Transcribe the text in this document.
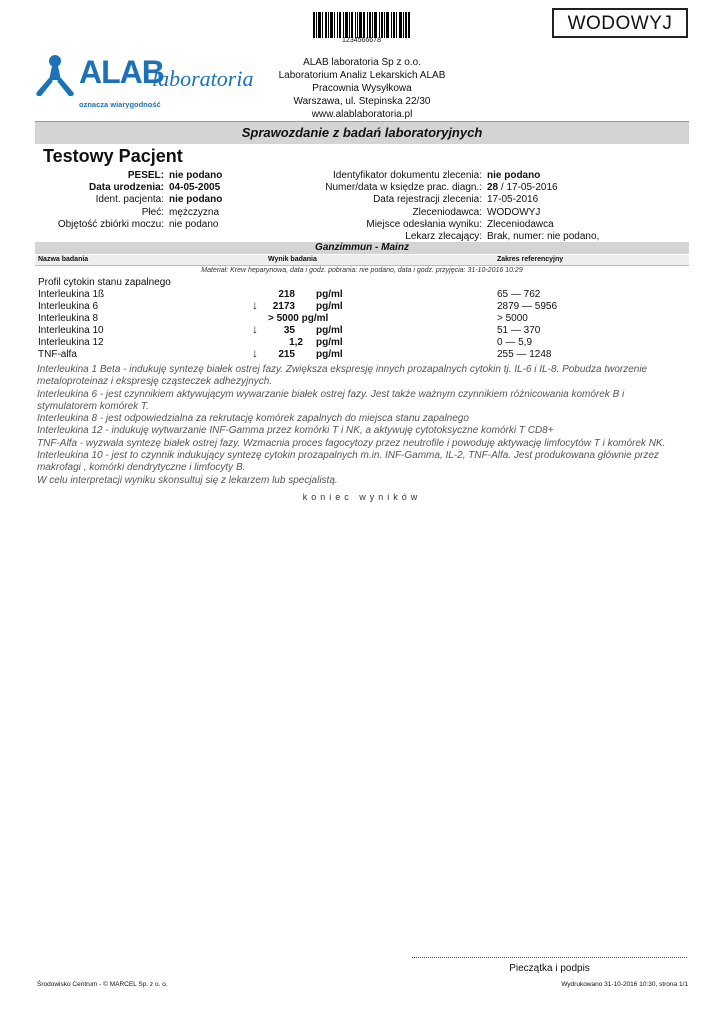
1234566678
WODOWYJ
ALAB
laboratoria
oznacza wiarygodność
ALAB laboratoria Sp z o.o.
Laboratorium Analiz Lekarskich ALAB
Pracownia Wysyłkowa
Warszawa, ul. Stepinska 22/30
www.alablaboratoria.pl
Sprawozdanie z badań laboratoryjnych
Testowy Pacjent
PESEL: nie podano
Data urodzenia: 04-05-2005
Ident. pacjenta: nie podano
Płeć: mężczyzna
Objętość zbiórki moczu: nie podano
Identyfikator dokumentu zlecenia: nie podano
Numer/data w księdze prac. diagn.: 28 / 17-05-2016
Data rejestracji zlecenia: 17-05-2016
Zleceniodawca: WODOWYJ
Miejsce odesłania wyniku: Zleceniodawca
Lekarz zlecający: Brak, numer: nie podano,
Ganzimmun - Mainz
Nazwa badania	Wynik badania	Zakres referencyjny
Materiał: Krew heparynowa, data i godz. pobrania: nie podano, data i godz. przyjęcia: 31-10-2016 10:29
Profil cytokin stanu zapalnego
Interleukina 1ß	218 pg/ml	65 — 762
Interleukina 6	↓	2173 pg/ml	2879 — 5956
Interleukina 8	> 5000 pg/ml	> 5000
Interleukina 10	↓	35 pg/ml	51 — 370
Interleukina 12	1,2 pg/ml	0 — 5,9
TNF-alfa	↓	215 pg/ml	255 — 1248
Interleukina 1 Beta - indukuję syntezę białek ostrej fazy. Zwiększa ekspresję innych prozapalnych cytokin tj. IL-6 i IL-8. Pobudza tworzenie metaloproteinaz i ekspresję cząsteczek adhezyjnych.
Interleukina 6 - jest czynnikiem aktywującym wywarzanie białek ostrej fazy. Jest także ważnym czynnikiem różnicowania komórek B i stymulatorem komórek T.
Interleukina 8 - jest odpowiedzialna za rekrutację komórek zapalnych do miejsca stanu zapalnego
Interleukina 12 - indukuję wytwarzanie INF-Gamma przez komórki T i NK, a aktywuję cytotoksyczne komórki T CD8+
TNF-Alfa - wyzwala syntezę białek ostrej fazy. Wzmacnia proces fagocytozy przez neutrofile i powoduję aktywację limfocytów T i komórek NK.
Interleukina 10 - jest to czynnik indukujący syntezę cytokin prozapalnych m.in. INF-Gamma, IL-2, TNF-Alfa. Jest produkowana głównie przez makrofagi , komórki dendrytyczne i limfocyty B.
W celu interpretacji wyniku skonsultuj się z lekarzem lub specjalistą.
koniec wyników
Pieczątka i podpis
Środowisko Centrum - © MARCEL Sp. z o. o.	Wydrukowano 31-10-2016 10:30, strona 1/1
